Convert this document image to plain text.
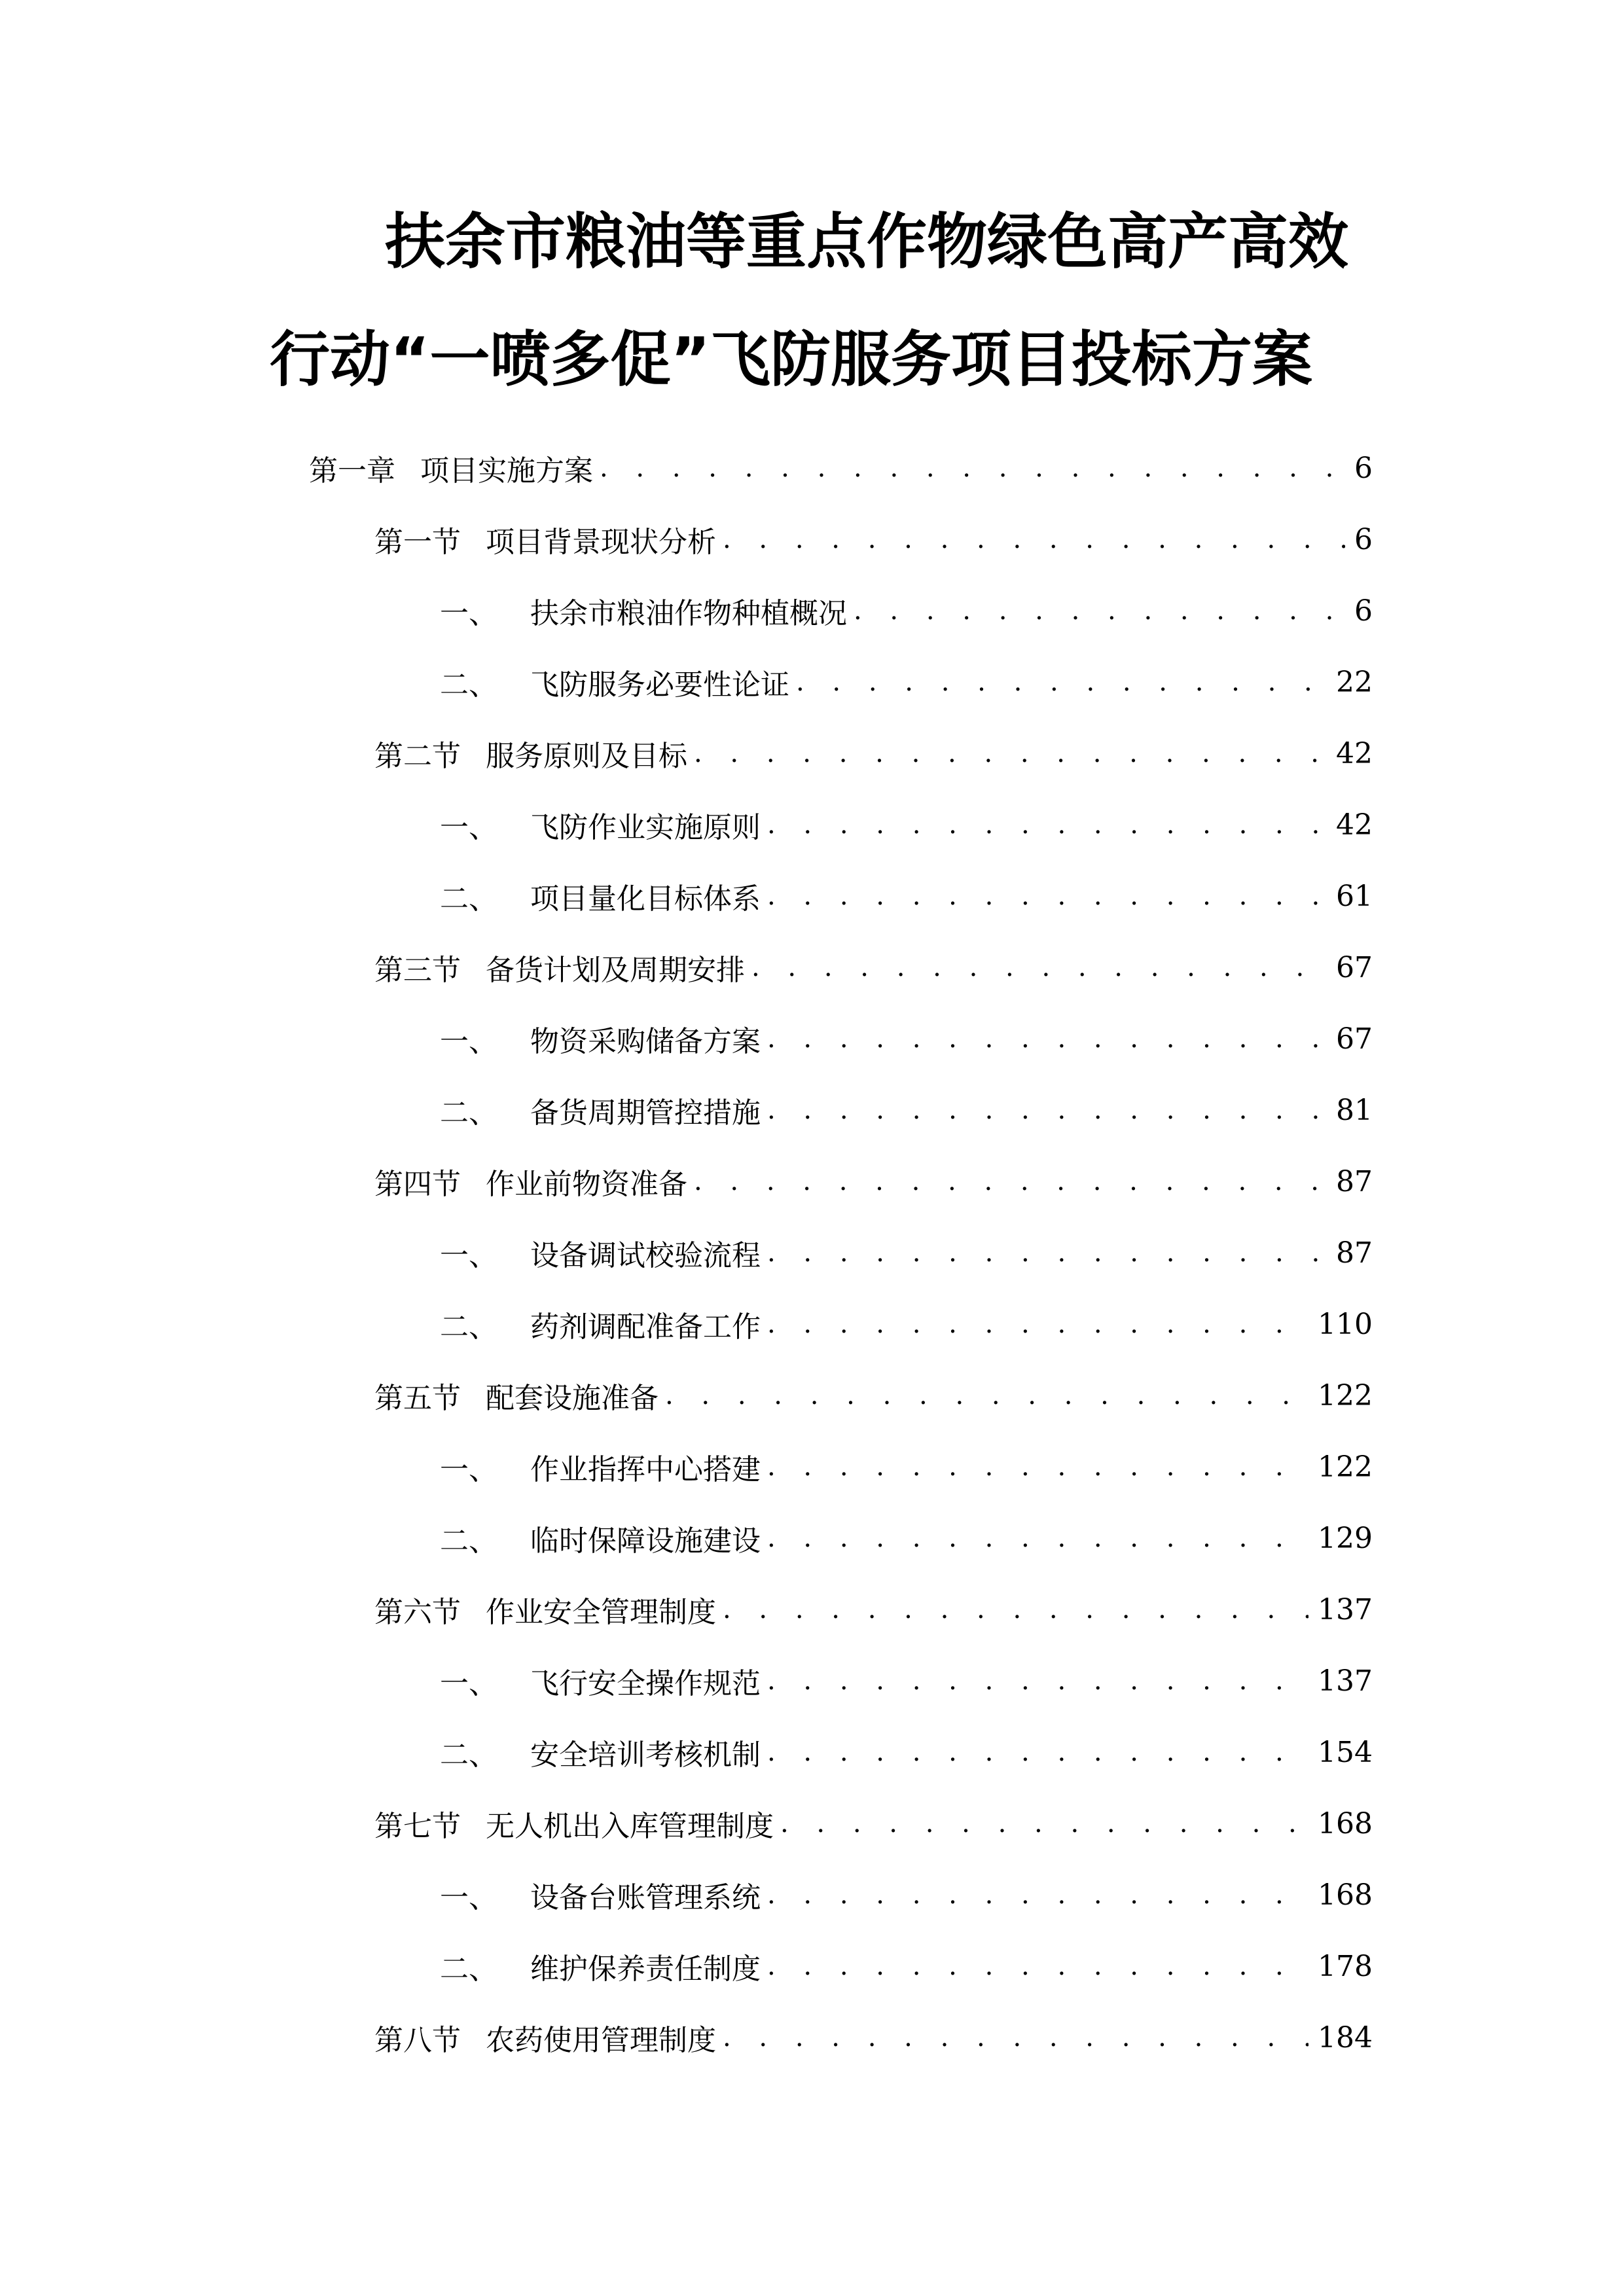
扶余市粮油等重点作物绿色高产高效
行动“一喷多促”飞防服务项目投标方案
第一章 项目实施方案 . . .	6
第一节 项目背景现状分析 . . .	6
一、 扶余市粮油作物种植概况 . . .	6
二、 飞防服务必要性论证 . . .	22
第二节 服务原则及目标 . . .	42
一、 飞防作业实施原则 . . .	42
二、 项目量化目标体系 . . .	61
第三节 备货计划及周期安排 . . .	67
一、 物资采购储备方案 . . .	67
二、 备货周期管控措施 . . .	81
第四节 作业前物资准备 . . .	87
一、 设备调试校验流程 . . .	87
二、 药剂调配准备工作 . . .	110
第五节 配套设施准备 . . .	122
一、 作业指挥中心搭建 . . .	122
二、 临时保障设施建设 . . .	129
第六节 作业安全管理制度 . . .	137
一、 飞行安全操作规范 . . .	137
二、 安全培训考核机制 . . .	154
第七节 无人机出入库管理制度 . . .	168
一、 设备台账管理系统 . . .	168
二、 维护保养责任制度 . . .	178
第八节 农药使用管理制度 . . .	184
